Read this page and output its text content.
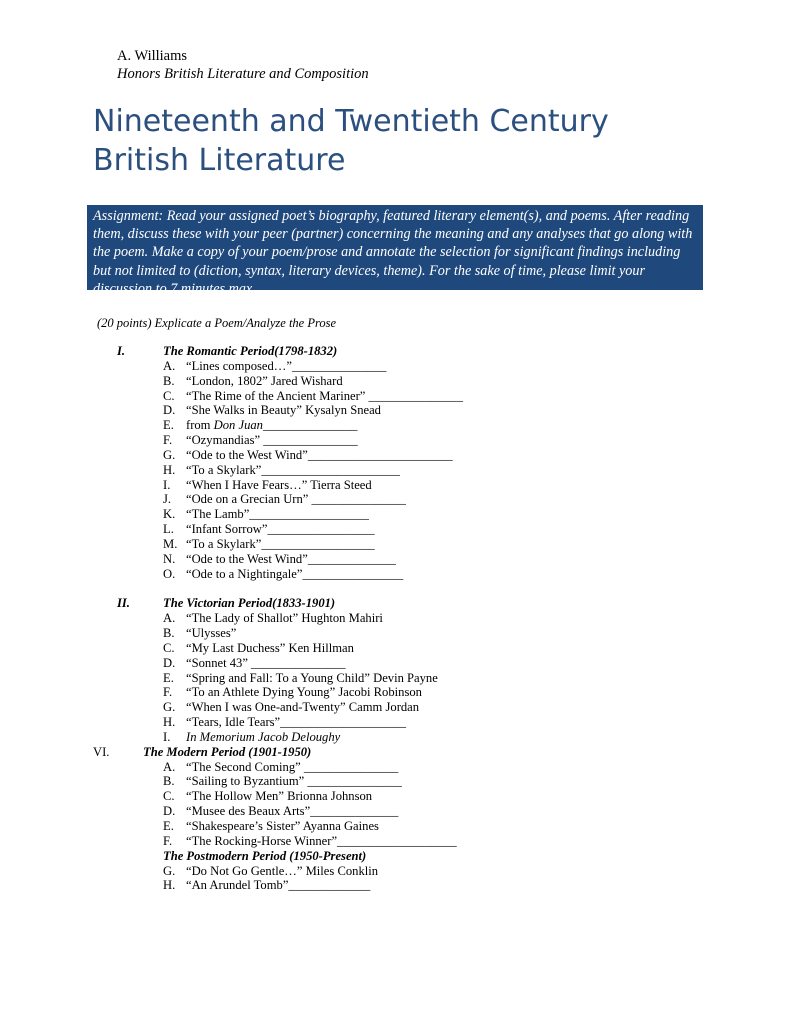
A. Williams
Honors British Literature and Composition
Nineteenth and Twentieth Century
British Literature
Assignment: Read your assigned poet’s biography, featured literary element(s), and poems. After reading them, discuss these with your peer (partner) concerning the meaning and any analyses that go along with the poem. Make a copy of your poem/prose and annotate the selection for significant findings including but not limited to (diction, syntax, literary devices, theme). For the sake of time, please limit your discussion to 7 minutes max.
(20 points) Explicate a Poem/Analyze the Prose
I.	The Romantic Period(1798-1832)
A. “Lines composed…”_______________
B. “London, 1802” Jared Wishard
C. “The Rime of the Ancient Mariner” _______________
D. “She Walks in Beauty” Kysalyn Snead
E. from Don Juan_______________
F. “Ozymandias” _______________
G. “Ode to the West Wind”_______________________
H. “To a Skylark”______________________
I. “When I Have Fears…” Tierra Steed
J. “Ode on a Grecian Urn” _______________
K. “The Lamb”___________________
L. “Infant Sorrow”_________________
M. “To a Skylark”__________________
N. “Ode to the West Wind”______________
O. “Ode to a Nightingale”________________
II.	The Victorian Period(1833-1901)
A. “The Lady of Shallot” Hughton Mahiri
B. “Ulysses”
C. “My Last Duchess” Ken Hillman
D. “Sonnet 43” _______________
E. “Spring and Fall: To a Young Child” Devin Payne
F. “To an Athlete Dying Young” Jacobi Robinson
G. “When I was One-and-Twenty” Camm Jordan
H. “Tears, Idle Tears”____________________
I. In Memorium Jacob Deloughy
VI.	The Modern Period (1901-1950)
A. “The Second Coming” _______________
B. “Sailing to Byzantium” _______________
C. “The Hollow Men” Brionna Johnson
D. “Musee des Beaux Arts”______________
E. “Shakespeare’s Sister” Ayanna Gaines
F. “The Rocking-Horse Winner”___________________
The Postmodern Period (1950-Present)
G. “Do Not Go Gentle…” Miles Conklin
H. “An Arundel Tomb”_____________
